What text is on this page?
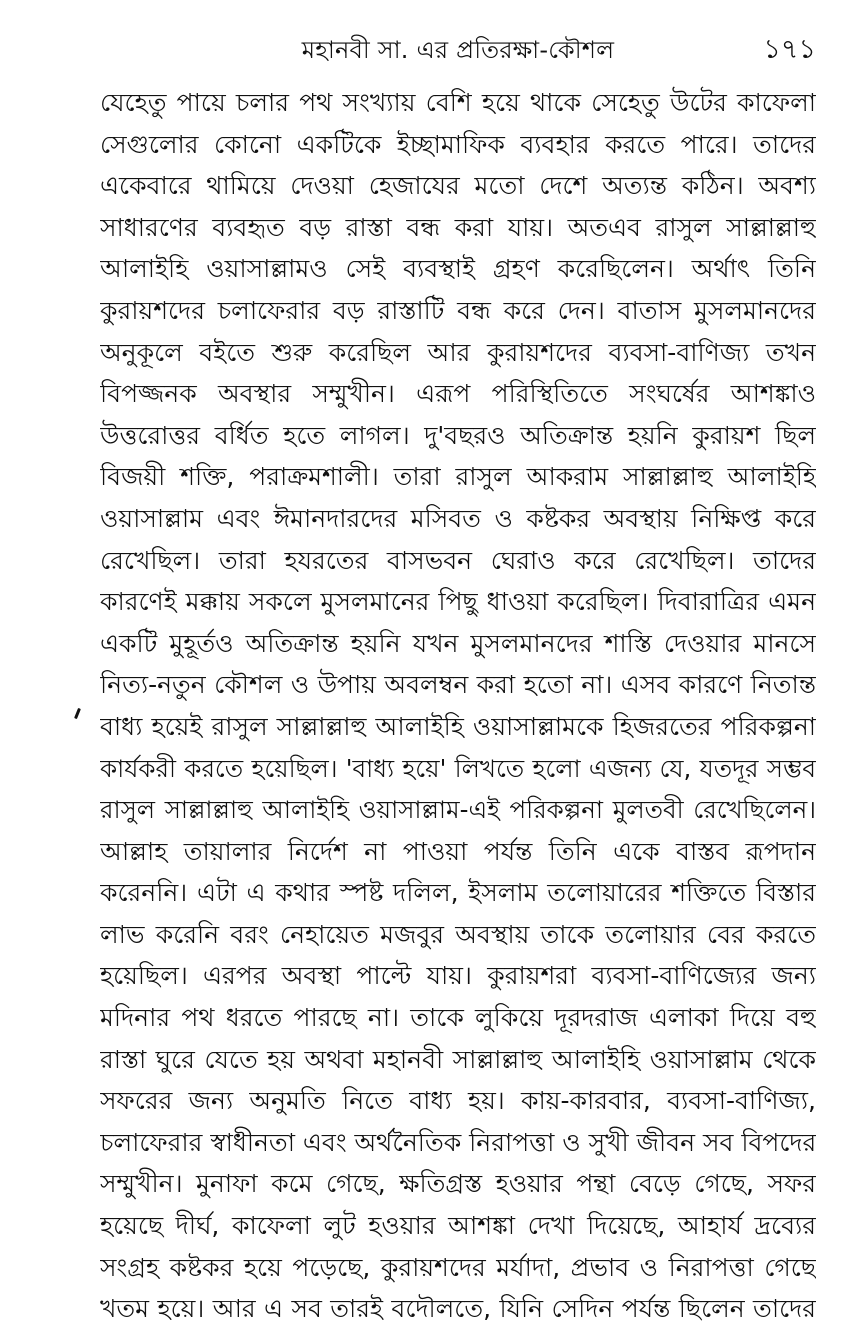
মহানবী সা. এর প্রতিরক্ষা-কৌশল	১৭১
যেহেতু পায়ে চলার পথ সংখ্যায় বেশি হয়ে থাকে সেহেতু উটের কাফেলা
সেগুলোর কোনো একটিকে ইচ্ছামাফিক ব্যবহার করতে পারে। তাদের
একেবারে থামিয়ে দেওয়া হেজাযের মতো দেশে অত্যন্ত কঠিন। অবশ্য
সাধারণের ব্যবহৃত বড় রাস্তা বন্ধ করা যায়। অতএব রাসুল সাল্লাল্লাহু
আলাইহি ওয়াসাল্লামও সেই ব্যবস্থাই গ্রহণ করেছিলেন। অর্থাৎ তিনি
কুরায়শদের চলাফেরার বড় রাস্তাটি বন্ধ করে দেন। বাতাস মুসলমানদের
অনুকূলে বইতে শুরু করেছিল আর কুরায়শদের ব্যবসা-বাণিজ্য তখন
বিপজ্জনক অবস্থার সম্মুখীন। এরূপ পরিস্থিতিতে সংঘর্ষের আশঙ্কাও
উত্তরোত্তর বর্ধিত হতে লাগল। দু'বছরও অতিক্রান্ত হয়নি কুরায়শ ছিল
বিজয়ী শক্তি, পরাক্রমশালী। তারা রাসুল আকরাম সাল্লাল্লাহু আলাইহি
ওয়াসাল্লাম এবং ঈমানদারদের মসিবত ও কষ্টকর অবস্থায় নিক্ষিপ্ত করে
রেখেছিল। তারা হযরতের বাসভবন ঘেরাও করে রেখেছিল। তাদের
কারণেই মক্কায় সকলে মুসলমানের পিছু ধাওয়া করেছিল। দিবারাত্রির এমন
একটি মুহূর্তও অতিক্রান্ত হয়নি যখন মুসলমানদের শাস্তি দেওয়ার মানসে
নিত্য-নতুন কৌশল ও উপায় অবলম্বন করা হতো না। এসব কারণে নিতান্ত
বাধ্য হয়েই রাসুল সাল্লাল্লাহু আলাইহি ওয়াসাল্লামকে হিজরতের পরিকল্পনা
কার্যকরী করতে হয়েছিল। 'বাধ্য হয়ে' লিখতে হলো এজন্য যে, যতদূর সম্ভব
রাসুল সাল্লাল্লাহু আলাইহি ওয়াসাল্লাম-এই পরিকল্পনা মুলতবী রেখেছিলেন।
আল্লাহ তায়ালার নির্দেশ না পাওয়া পর্যন্ত তিনি একে বাস্তব রূপদান
করেননি। এটা এ কথার স্পষ্ট দলিল, ইসলাম তলোয়ারের শক্তিতে বিস্তার
লাভ করেনি বরং নেহায়েত মজবুর অবস্থায় তাকে তলোয়ার বের করতে
হয়েছিল। এরপর অবস্থা পাল্টে যায়। কুরায়শরা ব্যবসা-বাণিজ্যের জন্য
মদিনার পথ ধরতে পারছে না। তাকে লুকিয়ে দূরদরাজ এলাকা দিয়ে বহু
রাস্তা ঘুরে যেতে হয় অথবা মহানবী সাল্লাল্লাহু আলাইহি ওয়াসাল্লাম থেকে
সফরের জন্য অনুমতি নিতে বাধ্য হয়। কায়-কারবার, ব্যবসা-বাণিজ্য,
চলাফেরার স্বাধীনতা এবং অর্থনৈতিক নিরাপত্তা ও সুখী জীবন সব বিপদের
সম্মুখীন। মুনাফা কমে গেছে, ক্ষতিগ্রস্ত হওয়ার পন্থা বেড়ে গেছে, সফর
হয়েছে দীর্ঘ, কাফেলা লুট হওয়ার আশঙ্কা দেখা দিয়েছে, আহার্য দ্রব্যের
সংগ্রহ কষ্টকর হয়ে পড়েছে, কুরায়শদের মর্যাদা, প্রভাব ও নিরাপত্তা গেছে
খতম হয়ে। আর এ সব তারই বদৌলতে, যিনি সেদিন পর্যন্ত ছিলেন তাদের
